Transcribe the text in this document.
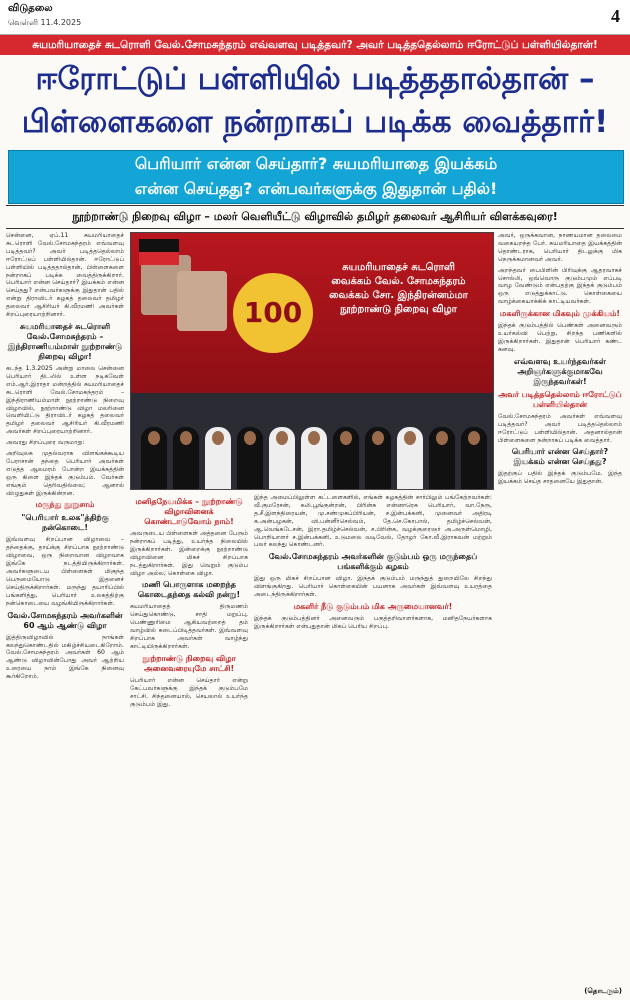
விடுதலை
வெள்ளி 11.4.2025	4
சுயமரியாதைச் சுடரொளி வேல்.சோமசுந்தரம் எவ்வளவு படித்தவர்? அவர் படித்ததெல்லாம் ஈரோட்டுப் பள்ளியில்தான்!
ஈரோட்டுப் பள்ளியில் படித்ததால்தான் –
பிள்ளைகளை நன்றாகப் படிக்க வைத்தார்!
பெரியார் என்ன செய்தார்? சுயமரியாதை இயக்கம்
என்ன செய்தது? என்பவர்களுக்கு இதுதான் பதில்!
நூற்றாண்டு நிறைவு விழா – மலர் வெளியீட்டு விழாவில் தமிழர் தலைவர் ஆசிரியர் விளக்கவுரை!

சென்னை, ஏப்.11 சுயமரியாதைச் சுடரொளி வேல்.சோமசுந்தரம் எவ்வளவு படித்தவர்? அவர் படித்ததெல்லாம் ஈரோட்டுப் பள்ளியில்தான். ஈரோட்டுப் பள்ளியில் படித்ததால்தான், பிள்ளைகளை நன்றாகப் படிக்க வைத்திருக்கிறார். பெரியார் என்ன செய்தார்? இயக்கம் என்ன செய்தது? என்பவர்களுக்கு இதுதான் பதில் என்று திராவிடர் கழகத் தலைவர் தமிழர் தலைவர் ஆசிரியர் கி.வீரமணி அவர்கள் சிறப்புரையாற்றினார்.

சுயமரியாதைச் சுடரொளி வேல்.சோமசுந்தரம் – இந்திராணியம்மாள் நூற்றாண்டு நிறைவு விழா!

கடந்த 1.3.2025 அன்று மாலை சென்னை பெரியார் திடலில் உள்ள நடிகவேள் எம்.ஆர்.இராதா மன்றத்தில் சுயமரியாதைச் சுடரொளி வேல்.சோமசுந்தரம் – இந்திராணியம்மாள் நூற்றாண்டு நிறைவு விழாவில், நூற்றாண்டு விழா மலரினை வெளியிட்டு திராவிடர் கழகத் தலைவர் தமிழர் தலைவர் ஆசிரியர் கி.வீரமணி அவர்கள் சிறப்புரையாற்றினார்.

அவரது சிறப்புரை வருமாறு:

அறிவுலக முதல்வராக விளங்கக்கூடிய பேராசான் தந்தை பெரியார் அவர்கள் எடுத்த ஆலமரம் போன்ற இயக்கத்தின் ஒரு கிளை இந்தக் குடும்பம். வேர்கள் எங்கும் தெரிவதில்லை; ஆனால் விழுதுகள் இருக்கின்றன.

மருந்து நூறுசாம்
"பெரியார் உலக"த்திற்கு நன்கொடை!

இவ்வளவு சிறப்பான விழாவை – தந்தைக்கு, தாய்க்கு சிறப்பாக நூற்றாண்டு விழாவை, ஒரு நிறைவான விழாவாக இங்கே நடத்தியிருக்கிறார்கள். அவர்களுடைய பிள்ளைகள் மிகுந்த பெருமையோடு இதனைச் செய்திருக்கிறார்கள். மருந்து தயாரிப்பில் பங்களித்து, பெரியார் உலகத்திற்கு நன்கொடையை வழங்கியிருக்கிறார்கள்.

வேல்.சோமசுந்தரம் அவர்களின் 60 ஆம் ஆண்டு விழா

இத்திருவிழாவில் நாங்கள் கலந்துகொண்டதில் மகிழ்ச்சியடைகிறோம். வேல்.சோமசுந்தரம் அவர்கள் 60 ஆம் ஆண்டு விழாவின்போது அவர் ஆற்றிய உரையை நாம் இங்கே நினைவு கூர்கிறோம்.

100
சுயமரியாதைச் சுடரொளி
வைக்கம் வேல். சோமசுந்தரம்
வைக்கம் சோ. இந்திரன்னம்மா
நூற்றாண்டு நிறைவு விழா
மனிதநேயமிக்க – நூற்றாண்டு விழாவினைக் கொண்டாடுவோம் நாம்!

அவருடைய பிள்ளைகள் அத்தனை பேரும் நன்றாகப் படித்து, உயர்ந்த நிலையில் இருக்கிறார்கள். இன்றைக்கு நூற்றாண்டு விழாவினை மிகச் சிறப்பாக நடத்துகிறார்கள். இது வெறும் குடும்ப விழா அல்ல; கொள்கை விழா.

மணி பொருளாக மறைந்த கொடைதந்தை கல்வி நன்று!

சுயமரியாதைத் திருமணம் செய்துகொண்டு, சாதி மறுப்பு, பெண்ணுரிமை ஆகியவற்றைத் தம் வாழ்வில் கடைப்பிடித்தவர்கள். இவ்வளவு சிறப்பாக அவர்கள் வாழ்ந்து காட்டியிருக்கிறார்கள்.

நூற்றாண்டு நிறைவு விழா அனைவரையுமே சாட்சி!

பெரியார் என்ன செய்தார் என்று கேட்பவர்களுக்கு இந்தக் குடும்பமே சாட்சி. சிந்தனையால், செயலால் உயர்ந்த குடும்பம் இது.

இந்த அமைப்பிலுள்ள கட்டளைகளில், எங்கள் கழகத்தின் சார்பிலும் பங்கேற்றவர்கள்: வீ.குமரேசன், கலி.பூங்குன்றன், பிரின்சு என்னாரெசு பெரியார், வா.நேரு, த.சீ.இளந்திரையன், மு.சண்முகப்பிரியன், ச.இன்பக்கனி, முனைவர் அதிரடி க.அன்பழகன், வி.பன்னீர்செல்வம், தே.செ.கோபால், தமிழ்ச்செல்வன், ஆ.வெங்கடேசன், இரா.தமிழ்ச்செல்வன், ச.பிரின்சு, வழக்குரைஞர் அ.அருள்மொழி, பொறியாளர் ச.இன்பக்கனி, உடுமலை வடிவேல், தோழர் கோ.வீ.இராகவன் மற்றும் பலர் கலந்து கொண்டனர்.

வேல்.சோமசுந்தரம் அவர்களின் குடும்பம் ஒரு மருந்தைப் பங்களிக்கும் கழகம்

இது ஒரு மிகச் சிறப்பான விழா. இந்தக் குடும்பம் மருந்துத் துறையிலே சிறந்து விளங்குகிறது. பெரியார் கொள்கையின் பயனாக அவர்கள் இவ்வளவு உயரத்தை அடைந்திருக்கிறார்கள்.

மகளிர் நீடு குடும்பம் மிக அருமையானவர்!

இந்தக் குடும்பத்தினர் அனைவரும் பகுத்தறிவாளர்களாக, மனிதநேயர்களாக இருக்கிறார்கள் என்பதுதான் மிகப் பெரிய சிறப்பு.

அவர், ஒருக்கவான, நாணயமான தலைமை வகையறந்த பேர். சுயமரியாதை இயக்கத்தின் தொண்டராக, பெரியார் திடலுக்கு மிக நெருக்கமானவர் அவர்.

அறந்தவர் பைபிளின் பிரிவுக்கு ஆதரவாகச் சொல்லி, ஒவ்வொரு குடும்பமும் எப்படி வாழ வேண்டும் என்பதற்கு இந்தக் குடும்பம் ஒரு எடுத்துக்காட்டு. கொள்கையை வாழ்க்கையாக்கிக் காட்டியவர்கள்.

மகளிருக்கான மிகவும் முக்கியம்!

இந்தக் குடும்பத்தில் பெண்கள் அனைவரும் உயர்கல்வி பெற்று, சிறந்த பணிகளில் இருக்கிறார்கள். இதுதான் பெரியார் கண்ட கனவு.

எவ்வளவு உயர்ந்தவர்கள் அறிஞர்களுக்குமாகவே இருந்தவர்கள்!
அவர் படித்ததெல்லாம் ஈரோட்டுப் பள்ளியில்தான்

வேல்.சோமசுந்தரம் அவர்கள் எவ்வளவு படித்தவர்? அவர் படித்ததெல்லாம் ஈரோட்டுப் பள்ளியில்தான். அதனால்தான் பிள்ளைகளை நன்றாகப் படிக்க வைத்தார்.

பெரியார் என்ன செய்தார்? இயக்கம் என்ன செய்தது?

இதற்குப் பதில் இந்தக் குடும்பமே. இந்த இயக்கம் செய்த சாதனையே இதுதான்.

(தொடரும்)
